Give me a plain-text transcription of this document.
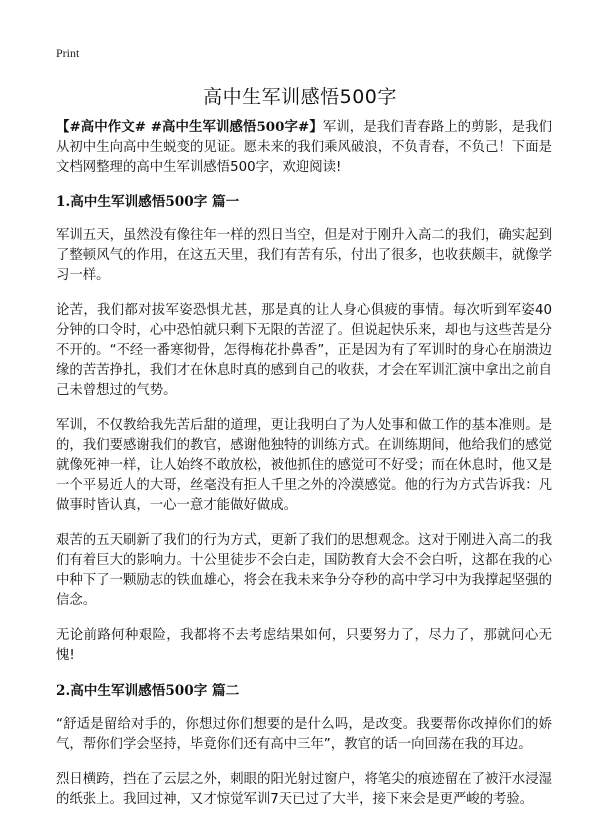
Print
高中生军训感悟500字

【#高中作文# #高中生军训感悟500字#】军训，是我们青春路上的剪影，是我们从初中生向高中生蜕变的见证。愿未来的我们乘风破浪，不负青春，不负己！下面是文档网整理的高中生军训感悟500字，欢迎阅读!

1.高中生军训感悟500字 篇一

军训五天，虽然没有像往年一样的烈日当空，但是对于刚升入高二的我们，确实起到了整顿风气的作用，在这五天里，我们有苦有乐，付出了很多，也收获颇丰，就像学习一样。

论苦，我们都对拔军姿恐惧尤甚，那是真的让人身心俱疲的事情。每次听到军姿40分钟的口令时，心中恐怕就只剩下无限的苦涩了。但说起快乐来，却也与这些苦是分不开的。“不经一番寒彻骨，怎得梅花扑鼻香”，正是因为有了军训时的身心在崩溃边缘的苦苦挣扎，我们才在休息时真的感到自己的收获，才会在军训汇演中拿出之前自己未曾想过的气势。

军训，不仅教给我先苦后甜的道理，更让我明白了为人处事和做工作的基本准则。是的，我们要感谢我们的教官，感谢他独特的训练方式。在训练期间，他给我们的感觉就像死神一样，让人始终不敢放松，被他抓住的感觉可不好受；而在休息时，他又是一个平易近人的大哥，丝毫没有拒人千里之外的冷漠感觉。他的行为方式告诉我：凡做事时皆认真，一心一意才能做好做成。

艰苦的五天刷新了我们的行为方式，更新了我们的思想观念。这对于刚进入高二的我们有着巨大的影响力。十公里徒步不会白走，国防教育大会不会白听，这都在我的心中种下了一颗励志的铁血雄心，将会在我未来争分夺秒的高中学习中为我撑起坚强的信念。

无论前路何种艰险，我都将不去考虑结果如何，只要努力了，尽力了，那就问心无愧!

2.高中生军训感悟500字 篇二

“舒适是留给对手的，你想过你们想要的是什么吗，是改变。我要帮你改掉你们的娇气，帮你们学会坚持，毕竟你们还有高中三年”，教官的话一向回荡在我的耳边。

烈日横跨，挡在了云层之外，刺眼的阳光射过窗户，将笔尖的痕迹留在了被汗水浸湿的纸张上。我回过神，又才惊觉军训7天已过了大半，接下来会是更严峻的考验。
